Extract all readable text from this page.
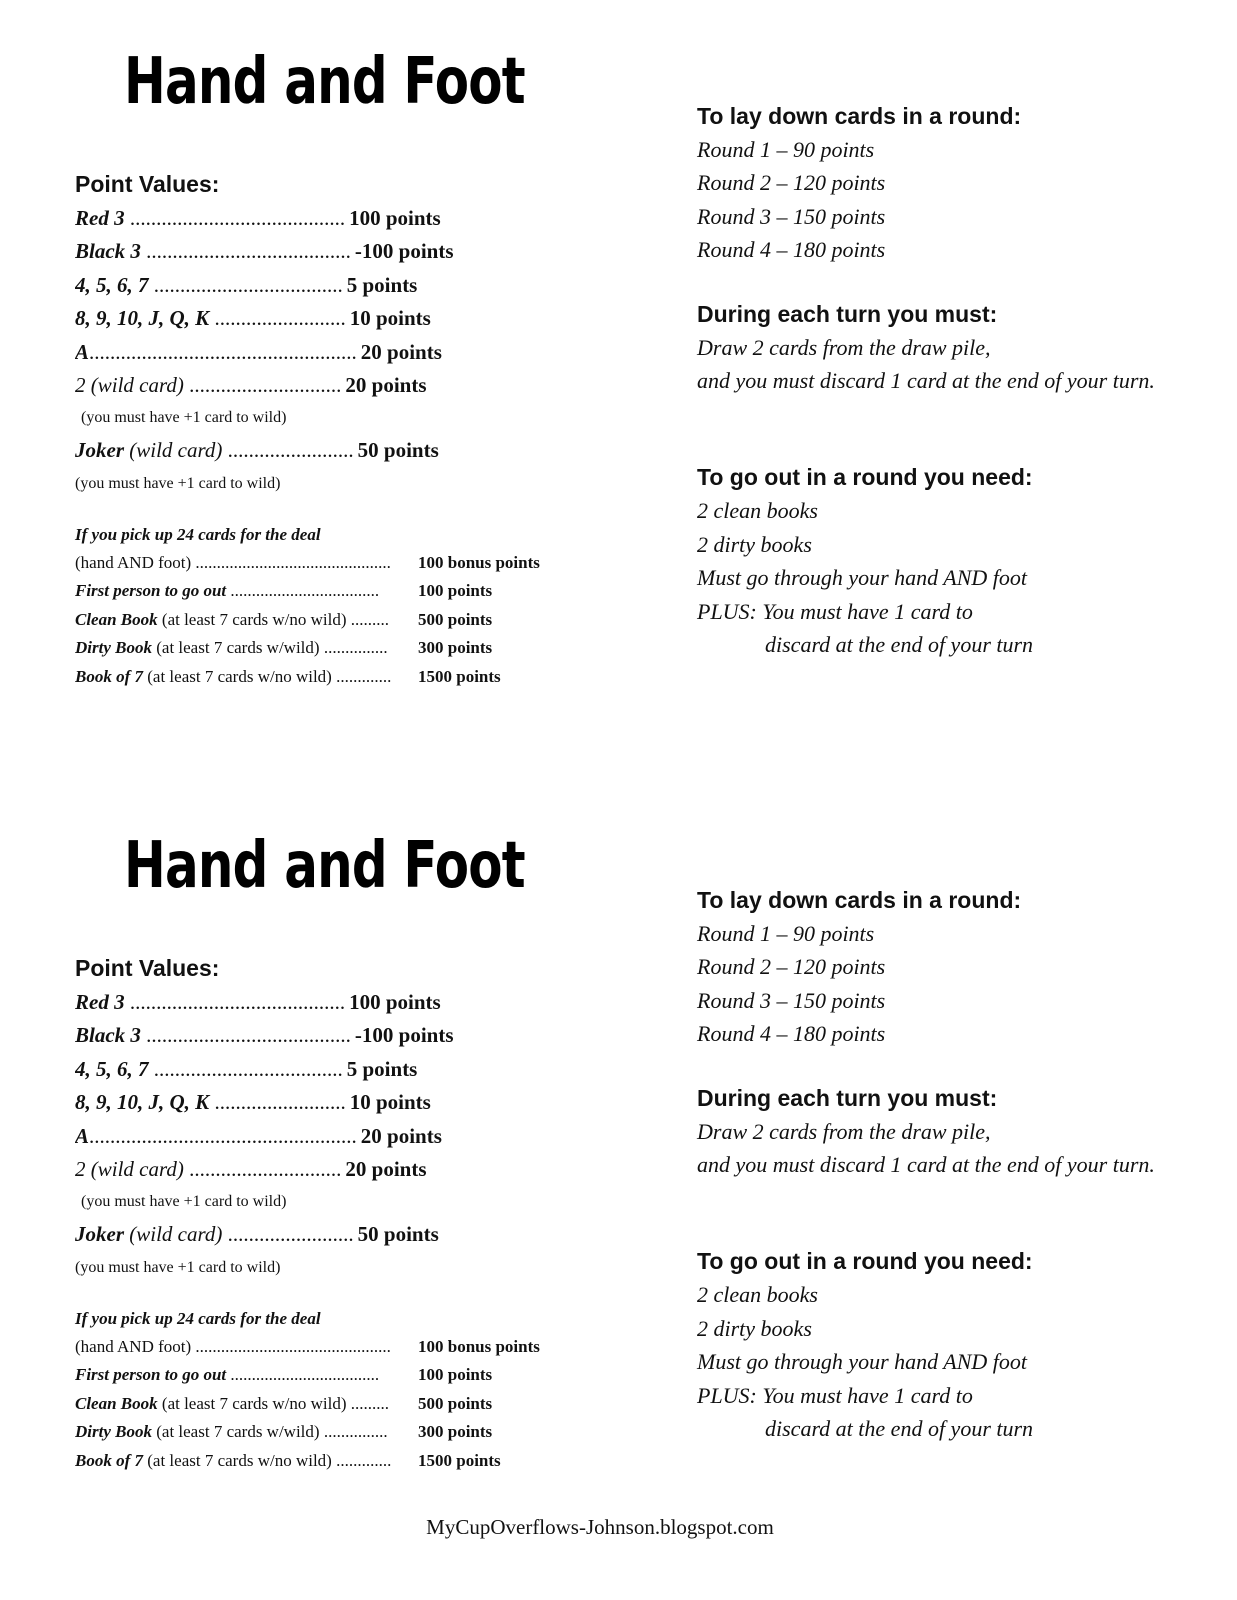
Hand and Foot
Point Values:
Red 3 ......................................... 100 points
Black 3 ....................................... -100 points
4, 5, 6, 7 .................................... 5 points
8, 9, 10, J, Q, K ......................... 10 points
A................................................... 20 points
2 (wild card) ............................. 20 points
(you must have +1 card to wild)
Joker (wild card) ........................ 50 points
(you must have +1 card to wild)
If you pick up 24 cards for the deal
(hand AND foot) ..............................................	100 bonus points
First person to go out ...................................	100 points
Clean Book (at least 7 cards w/no wild) .........	500 points
Dirty Book (at least 7 cards w/wild) ...............	300 points
Book of 7 (at least 7 cards w/no wild) .............	1500 points
To lay down cards in a round:
Round 1 – 90 points
Round 2 – 120 points
Round 3 – 150 points
Round 4 – 180 points
During each turn you must:
Draw 2 cards from the draw pile,
and you must discard 1 card at the end of your turn.
To go out in a round you need:
2 clean books
2 dirty books
Must go through your hand AND foot
PLUS: You must have 1 card to
discard at the end of your turn
Hand and Foot
Point Values:
Red 3 ......................................... 100 points
Black 3 ....................................... -100 points
4, 5, 6, 7 .................................... 5 points
8, 9, 10, J, Q, K ......................... 10 points
A................................................... 20 points
2 (wild card) ............................. 20 points
(you must have +1 card to wild)
Joker (wild card) ........................ 50 points
(you must have +1 card to wild)
If you pick up 24 cards for the deal
(hand AND foot) ..............................................	100 bonus points
First person to go out ...................................	100 points
Clean Book (at least 7 cards w/no wild) .........	500 points
Dirty Book (at least 7 cards w/wild) ...............	300 points
Book of 7 (at least 7 cards w/no wild) .............	1500 points
To lay down cards in a round:
Round 1 – 90 points
Round 2 – 120 points
Round 3 – 150 points
Round 4 – 180 points
During each turn you must:
Draw 2 cards from the draw pile,
and you must discard 1 card at the end of your turn.
To go out in a round you need:
2 clean books
2 dirty books
Must go through your hand AND foot
PLUS: You must have 1 card to
discard at the end of your turn
MyCupOverflows-Johnson.blogspot.com
